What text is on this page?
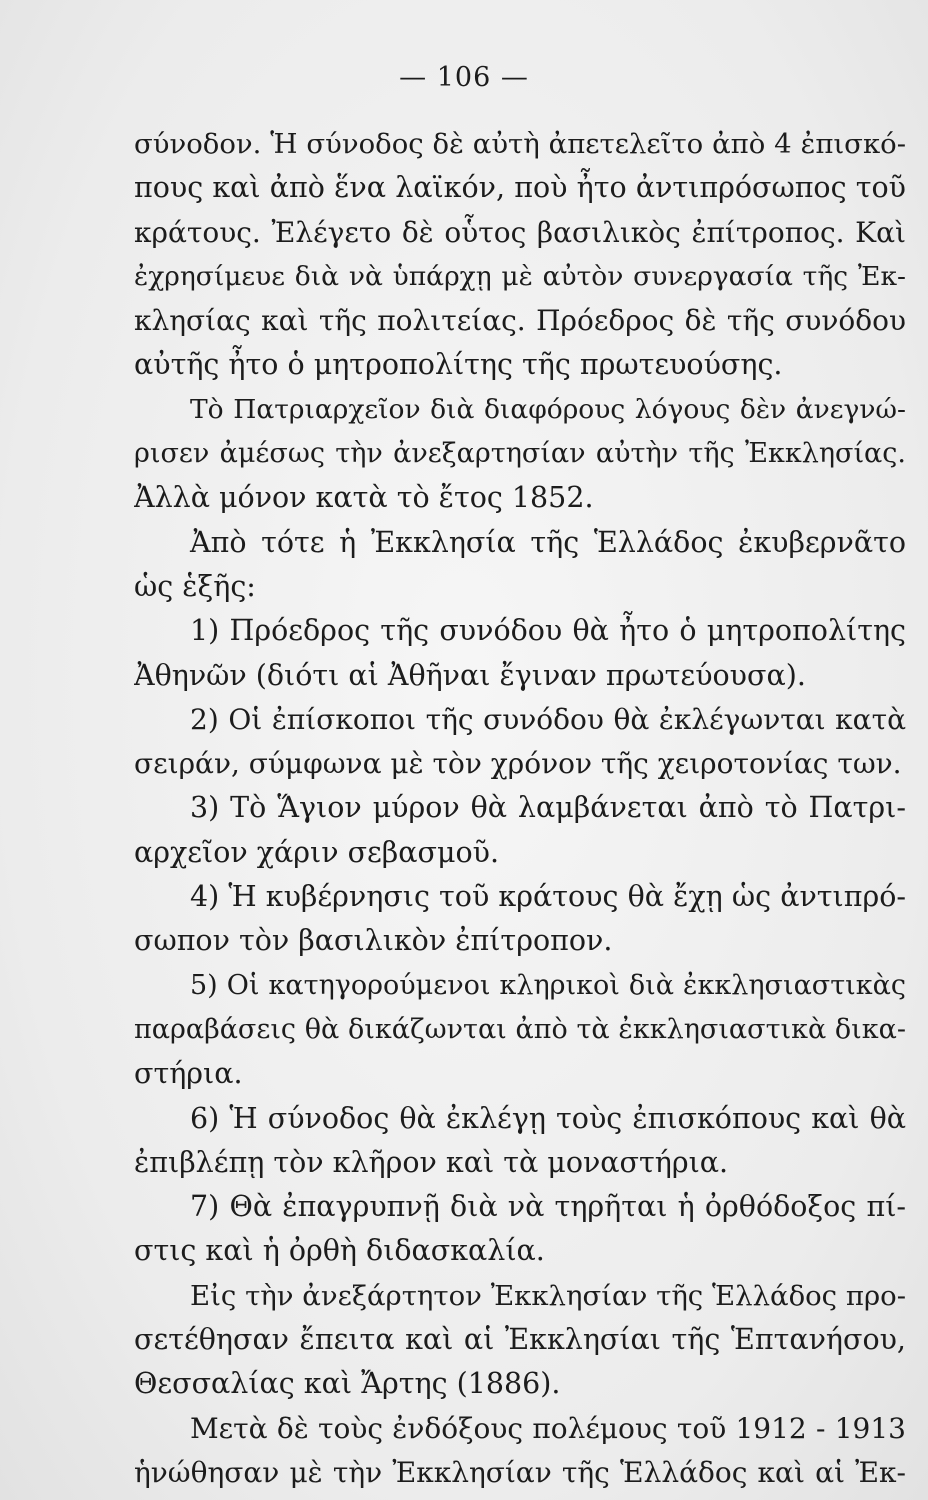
— 106 —
σύνοδον. Ἡ σύνοδος δὲ αὐτὴ ἀπετελεῖτο ἀπὸ 4 ἐπισκό-
πους καὶ ἀπὸ ἕνα λαϊκόν, ποὺ ἦτο ἀντιπρόσωπος τοῦ
κράτους. Ἐλέγετο δὲ οὗτος βασιλικὸς ἐπίτροπος. Καὶ
ἐχρησίμευε διὰ νὰ ὑπάρχῃ μὲ αὐτὸν συνεργασία τῆς Ἐκ-
κλησίας καὶ τῆς πολιτείας. Πρόεδρος δὲ τῆς συνόδου
αὐτῆς ἦτο ὁ μητροπολίτης τῆς πρωτευούσης.
Τὸ Πατριαρχεῖον διὰ διαφόρους λόγους δὲν ἀνεγνώ-
ρισεν ἀμέσως τὴν ἀνεξαρτησίαν αὐτὴν τῆς Ἐκκλησίας.
Ἀλλὰ μόνον κατὰ τὸ ἔτος 1852.
Ἀπὸ τότε ἡ Ἐκκλησία τῆς Ἑλλάδος ἐκυβερνᾶτο
ὡς ἑξῆς:
1) Πρόεδρος τῆς συνόδου θὰ ἦτο ὁ μητροπολίτης
Ἀθηνῶν (διότι αἱ Ἀθῆναι ἔγιναν πρωτεύουσα).
2) Οἱ ἐπίσκοποι τῆς συνόδου θὰ ἐκλέγωνται κατὰ
σειράν, σύμφωνα μὲ τὸν χρόνον τῆς χειροτονίας των.
3) Τὸ Ἅγιον μύρον θὰ λαμβάνεται ἀπὸ τὸ Πατρι-
αρχεῖον χάριν σεβασμοῦ.
4) Ἡ κυβέρνησις τοῦ κράτους θὰ ἔχῃ ὡς ἀντιπρό-
σωπον τὸν βασιλικὸν ἐπίτροπον.
5) Οἱ κατηγορούμενοι κληρικοὶ διὰ ἐκκλησιαστικὰς
παραβάσεις θὰ δικάζωνται ἀπὸ τὰ ἐκκλησιαστικὰ δικα-
στήρια.
6) Ἡ σύνοδος θὰ ἐκλέγῃ τοὺς ἐπισκόπους καὶ θὰ
ἐπιβλέπῃ τὸν κλῆρον καὶ τὰ μοναστήρια.
7) Θὰ ἐπαγρυπνῇ διὰ νὰ τηρῆται ἡ ὀρθόδοξος πί-
στις καὶ ἡ ὀρθὴ διδασκαλία.
Εἰς τὴν ἀνεξάρτητον Ἐκκλησίαν τῆς Ἑλλάδος προ-
σετέθησαν ἔπειτα καὶ αἱ Ἐκκλησίαι τῆς Ἑπτανήσου,
Θεσσαλίας καὶ Ἄρτης (1886).
Μετὰ δὲ τοὺς ἐνδόξους πολέμους τοῦ 1912 - 1913
ἡνώθησαν μὲ τὴν Ἐκκλησίαν τῆς Ἑλλάδος καὶ αἱ Ἐκ-
